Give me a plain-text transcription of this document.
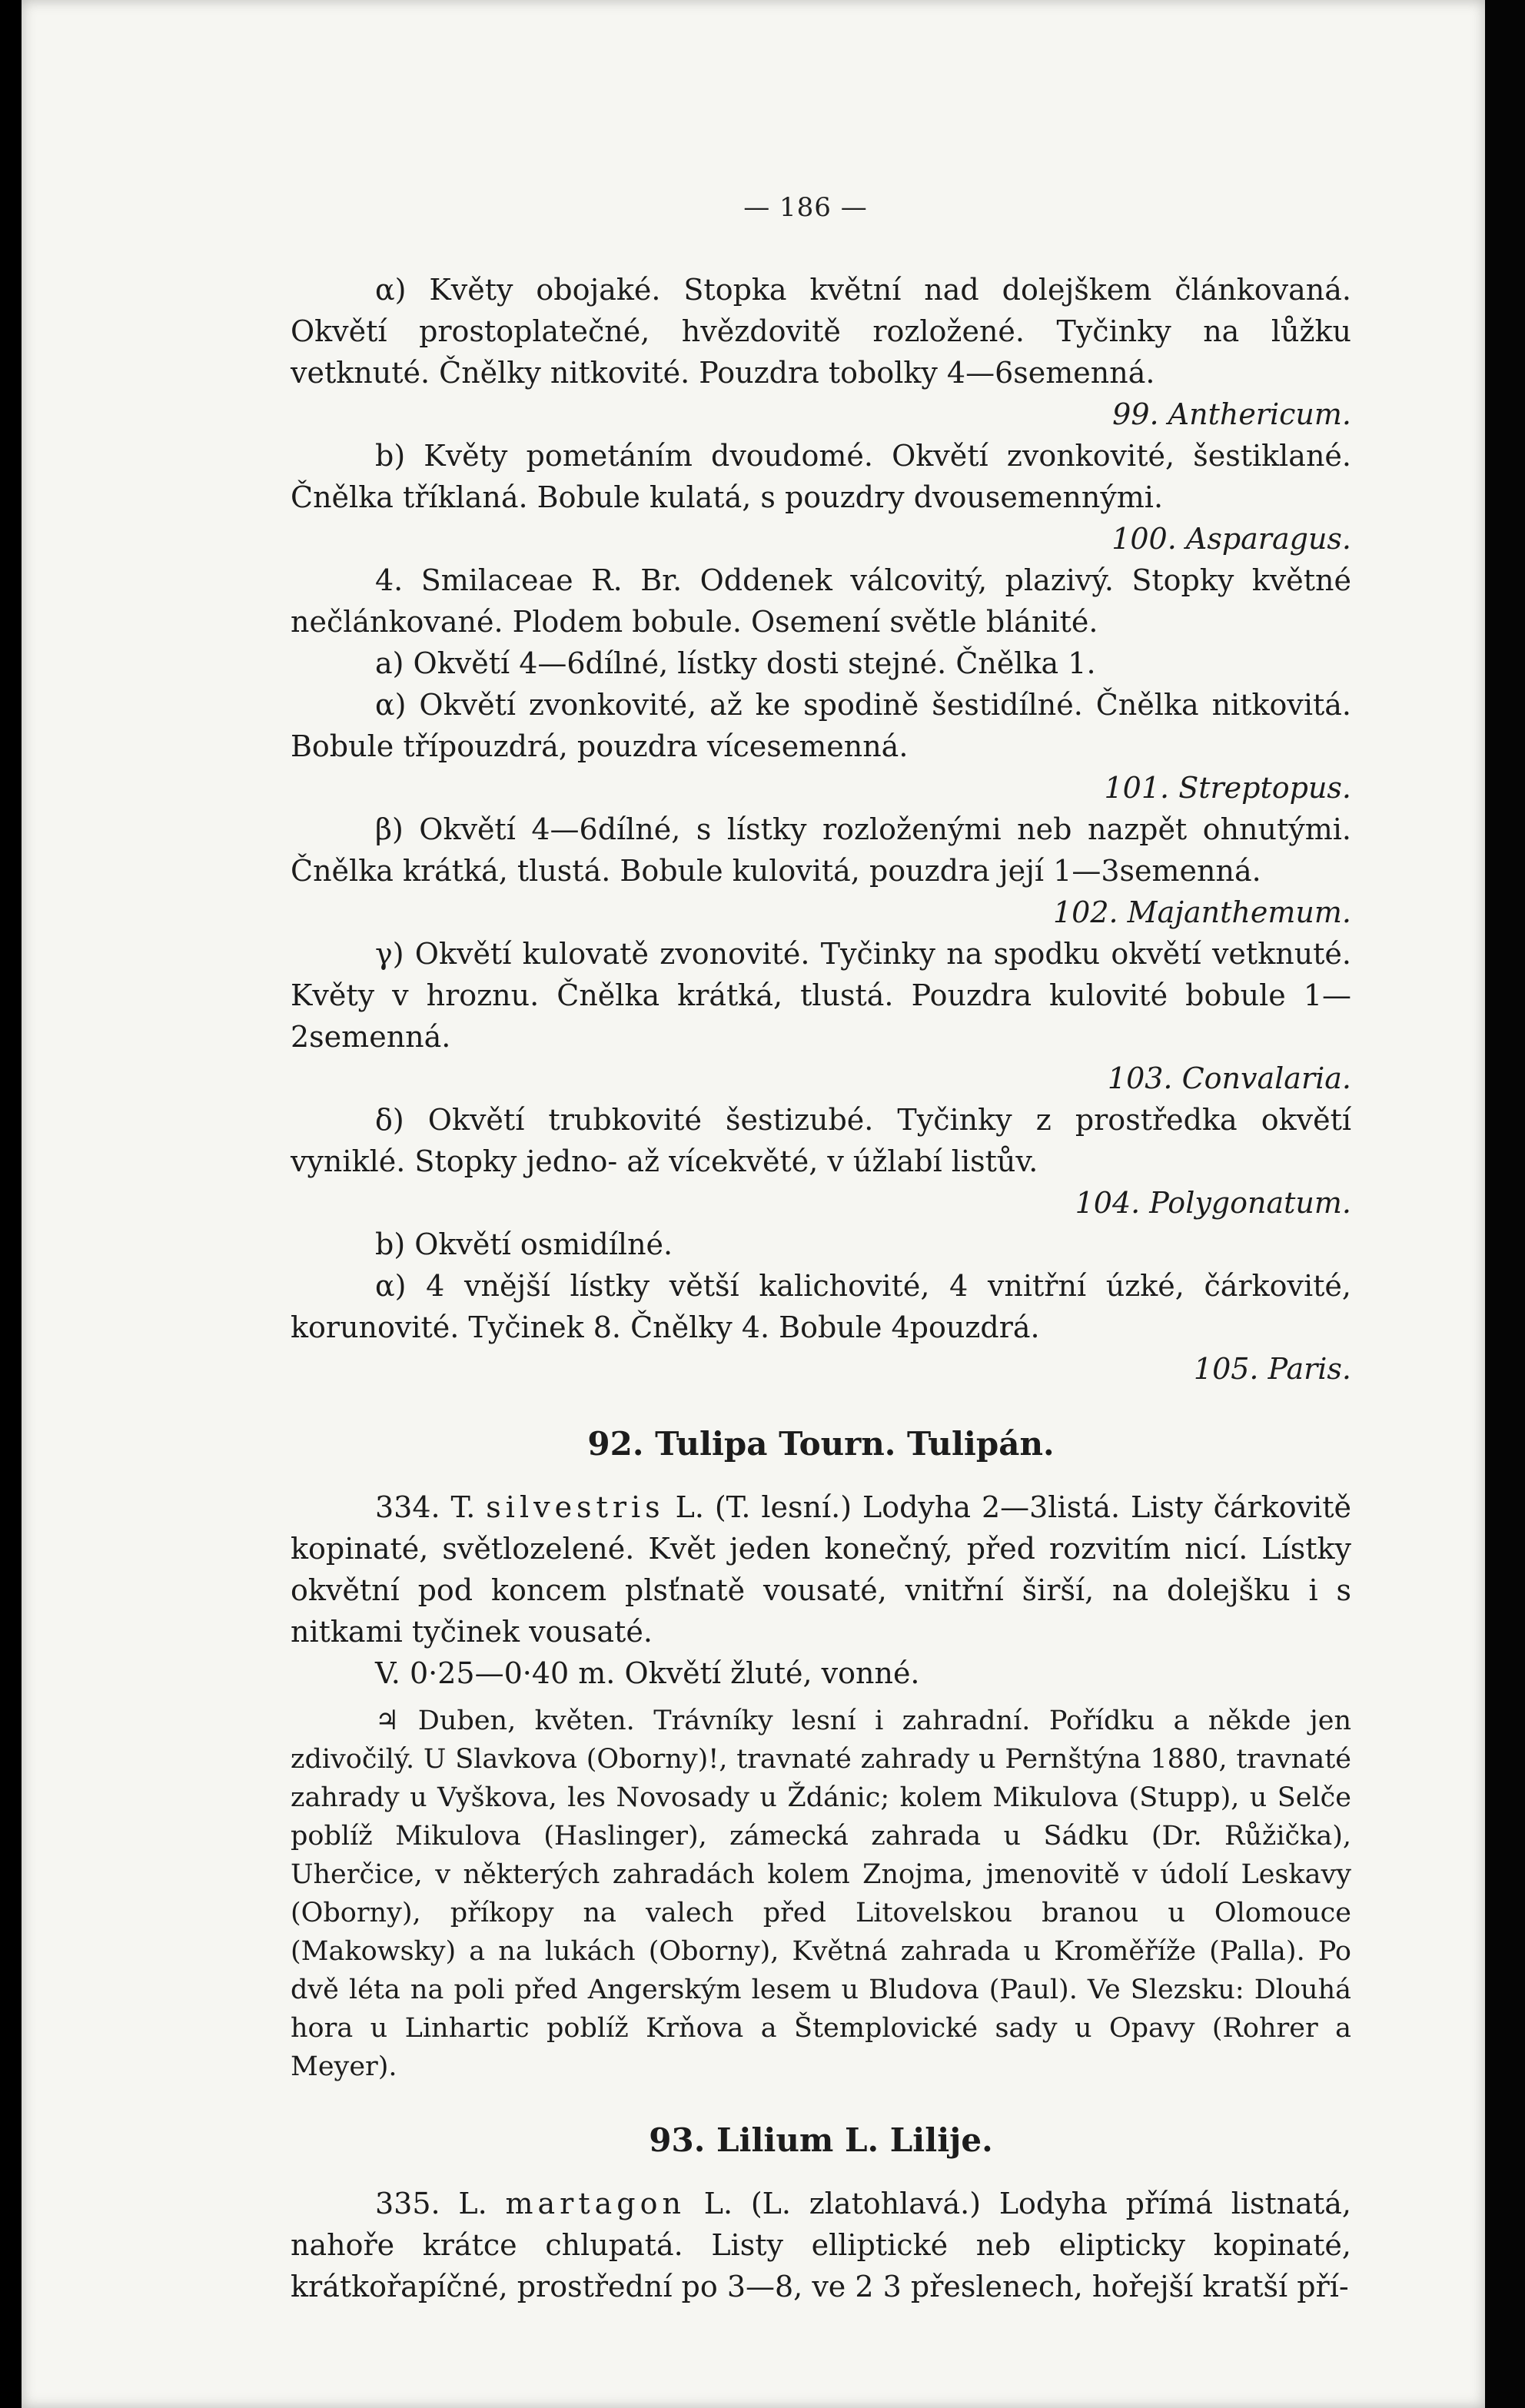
— 186 —

α) Květy obojaké. Stopka květní nad dolejškem článkovaná. Okvětí prostoplatečné, hvězdovitě rozložené. Tyčinky na lůžku vetknuté. Čnělky nitkovité. Pouzdra tobolky 4—6semenná.

99. Anthericum.

b) Květy pometáním dvoudomé. Okvětí zvonkovité, šestiklané. Čnělka tříklaná. Bobule kulatá, s pouzdry dvousemennými.

100. Asparagus.

4. Smilaceae R. Br. Oddenek válcovitý, plazivý. Stopky květné nečlánkované. Plodem bobule. Osemení světle blánité.

a) Okvětí 4—6dílné, lístky dosti stejné. Čnělka 1.

α) Okvětí zvonkovité, až ke spodině šestidílné. Čnělka nitkovitá. Bobule třípouzdrá, pouzdra vícesemenná.

101. Streptopus.

β) Okvětí 4—6dílné, s lístky rozloženými neb nazpět ohnutými. Čnělka krátká, tlustá. Bobule kulovitá, pouzdra její 1—3semenná.

102. Majanthemum.

γ) Okvětí kulovatě zvonovité. Tyčinky na spodku okvětí vetknuté. Květy v hroznu. Čnělka krátká, tlustá. Pouzdra kulovité bobule 1—2semenná.

103. Convalaria.

δ) Okvětí trubkovité šestizubé. Tyčinky z prostředka okvětí vyniklé. Stopky jedno- až vícekvěté, v úžlabí listův.

104. Polygonatum.

b) Okvětí osmidílné.

α) 4 vnější lístky větší kalichovité, 4 vnitřní úzké, čárkovité, korunovité. Tyčinek 8. Čnělky 4. Bobule 4pouzdrá.

105. Paris.

92. Tulipa Tourn. Tulipán.

334. T. silvestris L. (T. lesní.) Lodyha 2—3listá. Listy čárkovitě kopinaté, světlozelené. Květ jeden konečný, před rozvitím nicí. Lístky okvětní pod koncem plsťnatě vousaté, vnitřní širší, na dolejšku i s nitkami tyčinek vousaté.

V. 0·25—0·40 m. Okvětí žluté, vonné.

♃ Duben, květen. Trávníky lesní i zahradní. Pořídku a někde jen zdivočilý. U Slavkova (Oborny)!, travnaté zahrady u Pernštýna 1880, travnaté zahrady u Vyškova, les Novosady u Ždánic; kolem Mikulova (Stupp), u Selče poblíž Mikulova (Haslinger), zámecká zahrada u Sádku (Dr. Růžička), Uherčice, v některých zahradách kolem Znojma, jmenovitě v údolí Leskavy (Oborny), příkopy na valech před Litovelskou branou u Olomouce (Makowsky) a na lukách (Oborny), Květná zahrada u Kroměříže (Palla). Po dvě léta na poli před Angerským lesem u Bludova (Paul). Ve Slezsku: Dlouhá hora u Linhartic poblíž Krňova a Štemplovické sady u Opavy (Rohrer a Meyer).

93. Lilium L. Lilije.

335. L. martagon L. (L. zlatohlavá.) Lodyha přímá listnatá, nahoře krátce chlupatá. Listy elliptické neb elipticky kopinaté, krátkořapíčné, prostřední po 3—8, ve 2 3 přeslenech, hořejší kratší pří-
